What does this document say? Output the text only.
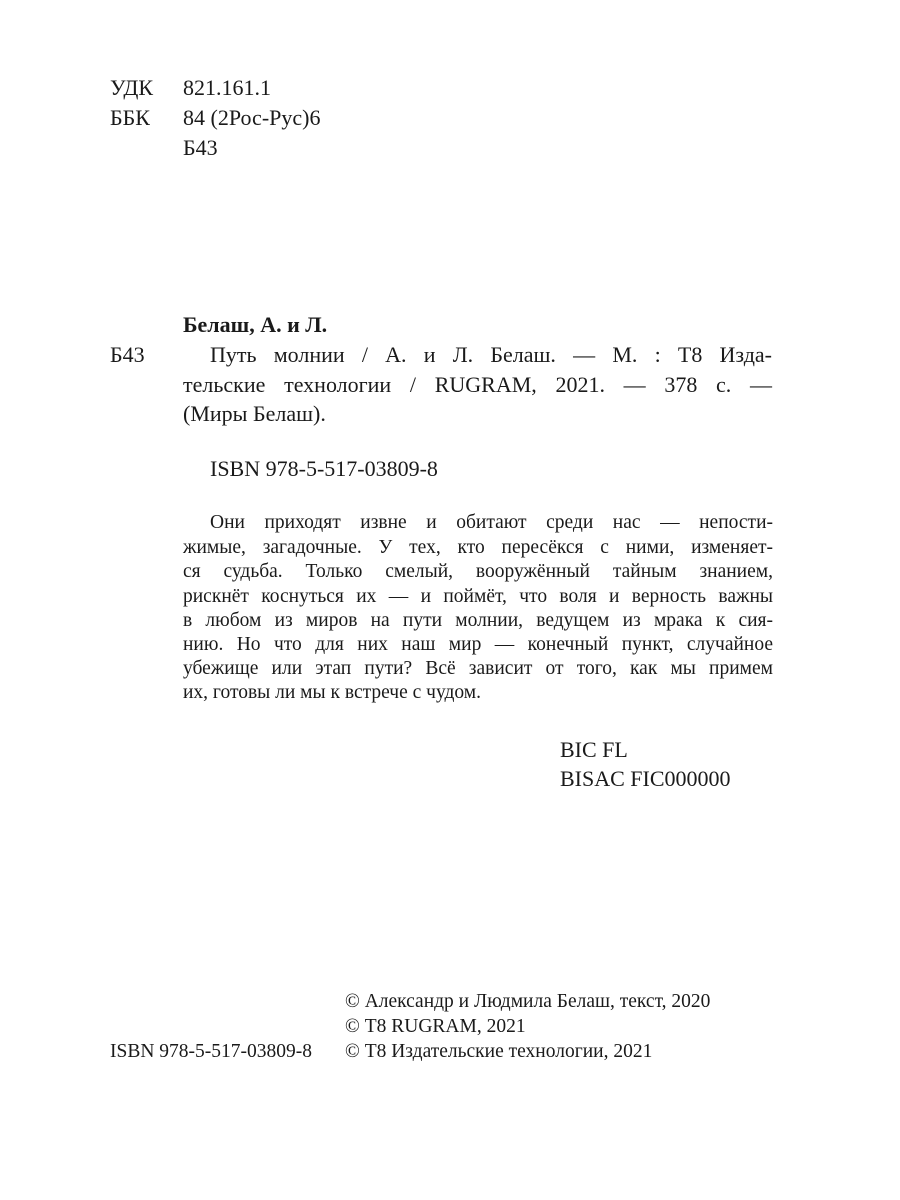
УДК 821.161.1
ББК 84 (2Рос-Рус)6
Б43
Белаш, А. и Л.
Б43	Путь молнии / А. и Л. Белаш. — М. : Т8 Изда-
тельские технологии / RUGRAM, 2021. — 378 с. —
(Миры Белаш).
ISBN 978-5-517-03809-8
Они приходят извне и обитают среди нас — непости-
жимые, загадочные. У тех, кто пересёкся с ними, изменяет-
ся судьба. Только смелый, вооружённый тайным знанием,
рискнёт коснуться их — и поймёт, что воля и верность важны
в любом из миров на пути молнии, ведущем из мрака к сия-
нию. Но что для них наш мир — конечный пункт, случайное
убежище или этап пути? Всё зависит от того, как мы примем
их, готовы ли мы к встрече с чудом.
BIC FL
BISAC FIC000000
© Александр и Людмила Белаш, текст, 2020
© Т8 RUGRAM, 2021
ISBN 978-5-517-03809-8 © Т8 Издательские технологии, 2021
